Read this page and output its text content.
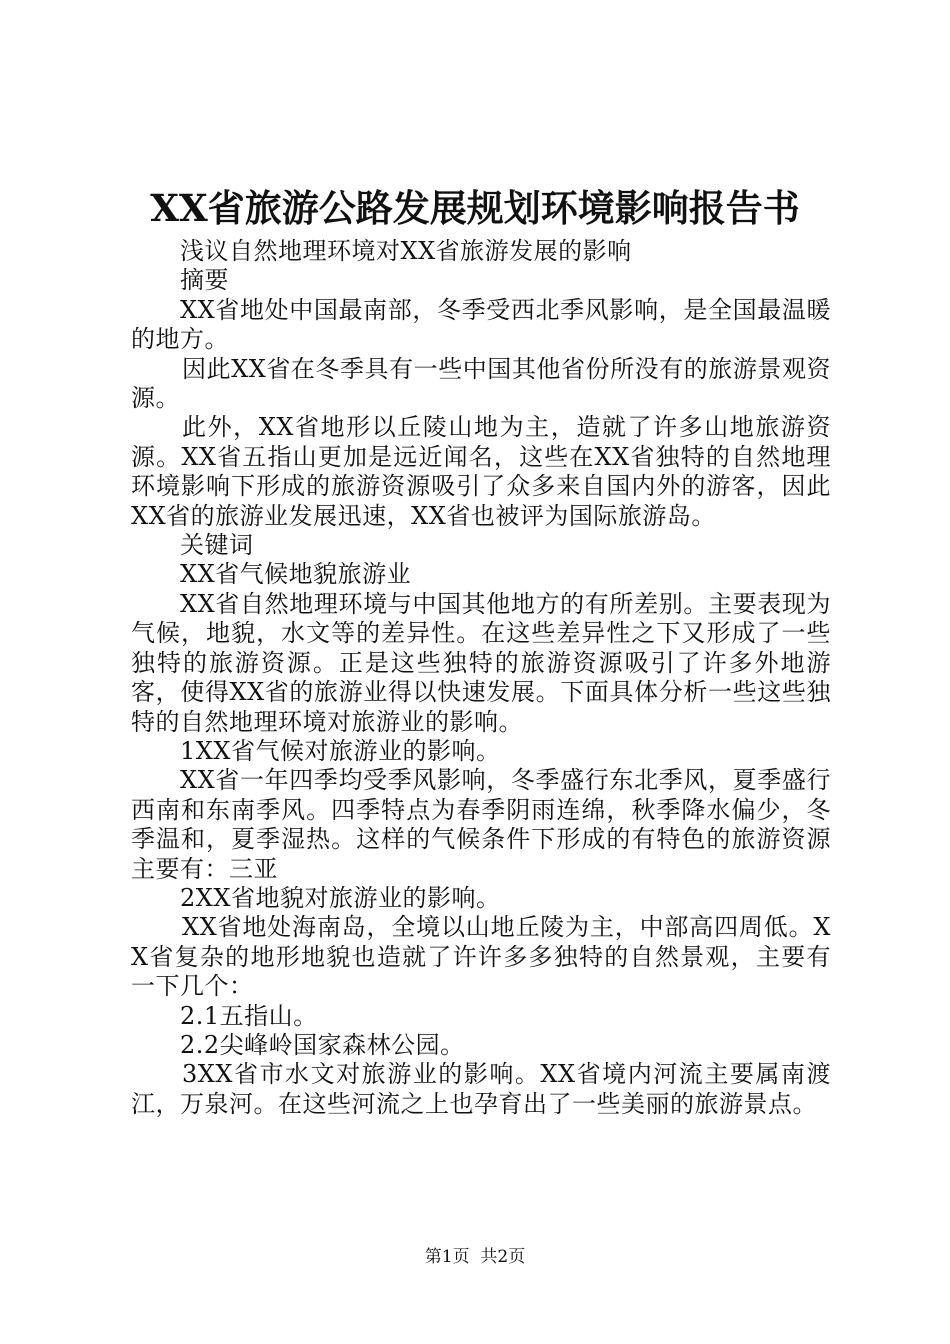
XX省旅游公路发展规划环境影响报告书

浅议自然地理环境对XX省旅游发展的影响

摘要

XX省地处中国最南部，冬季受西北季风影响，是全国最温暖的地方。

因此XX省在冬季具有一些中国其他省份所没有的旅游景观资源。

此外，XX省地形以丘陵山地为主，造就了许多山地旅游资源。XX省五指山更加是远近闻名，这些在XX省独特的自然地理环境影响下形成的旅游资源吸引了众多来自国内外的游客，因此XX省的旅游业发展迅速，XX省也被评为国际旅游岛。

关键词

XX省气候地貌旅游业

XX省自然地理环境与中国其他地方的有所差别。主要表现为气候，地貌，水文等的差异性。在这些差异性之下又形成了一些独特的旅游资源。正是这些独特的旅游资源吸引了许多外地游客，使得XX省的旅游业得以快速发展。下面具体分析一些这些独特的自然地理环境对旅游业的影响。

1XX省气候对旅游业的影响。

XX省一年四季均受季风影响，冬季盛行东北季风，夏季盛行西南和东南季风。四季特点为春季阴雨连绵，秋季降水偏少，冬季温和，夏季湿热。这样的气候条件下形成的有特色的旅游资源主要有：三亚

2XX省地貌对旅游业的影响。

XX省地处海南岛，全境以山地丘陵为主，中部高四周低。XX省复杂的地形地貌也造就了许许多多独特的自然景观，主要有一下几个：

2.1五指山。

2.2尖峰岭国家森林公园。

3XX省市水文对旅游业的影响。XX省境内河流主要属南渡江，万泉河。在这些河流之上也孕育出了一些美丽的旅游景点。

第1页 共2页
